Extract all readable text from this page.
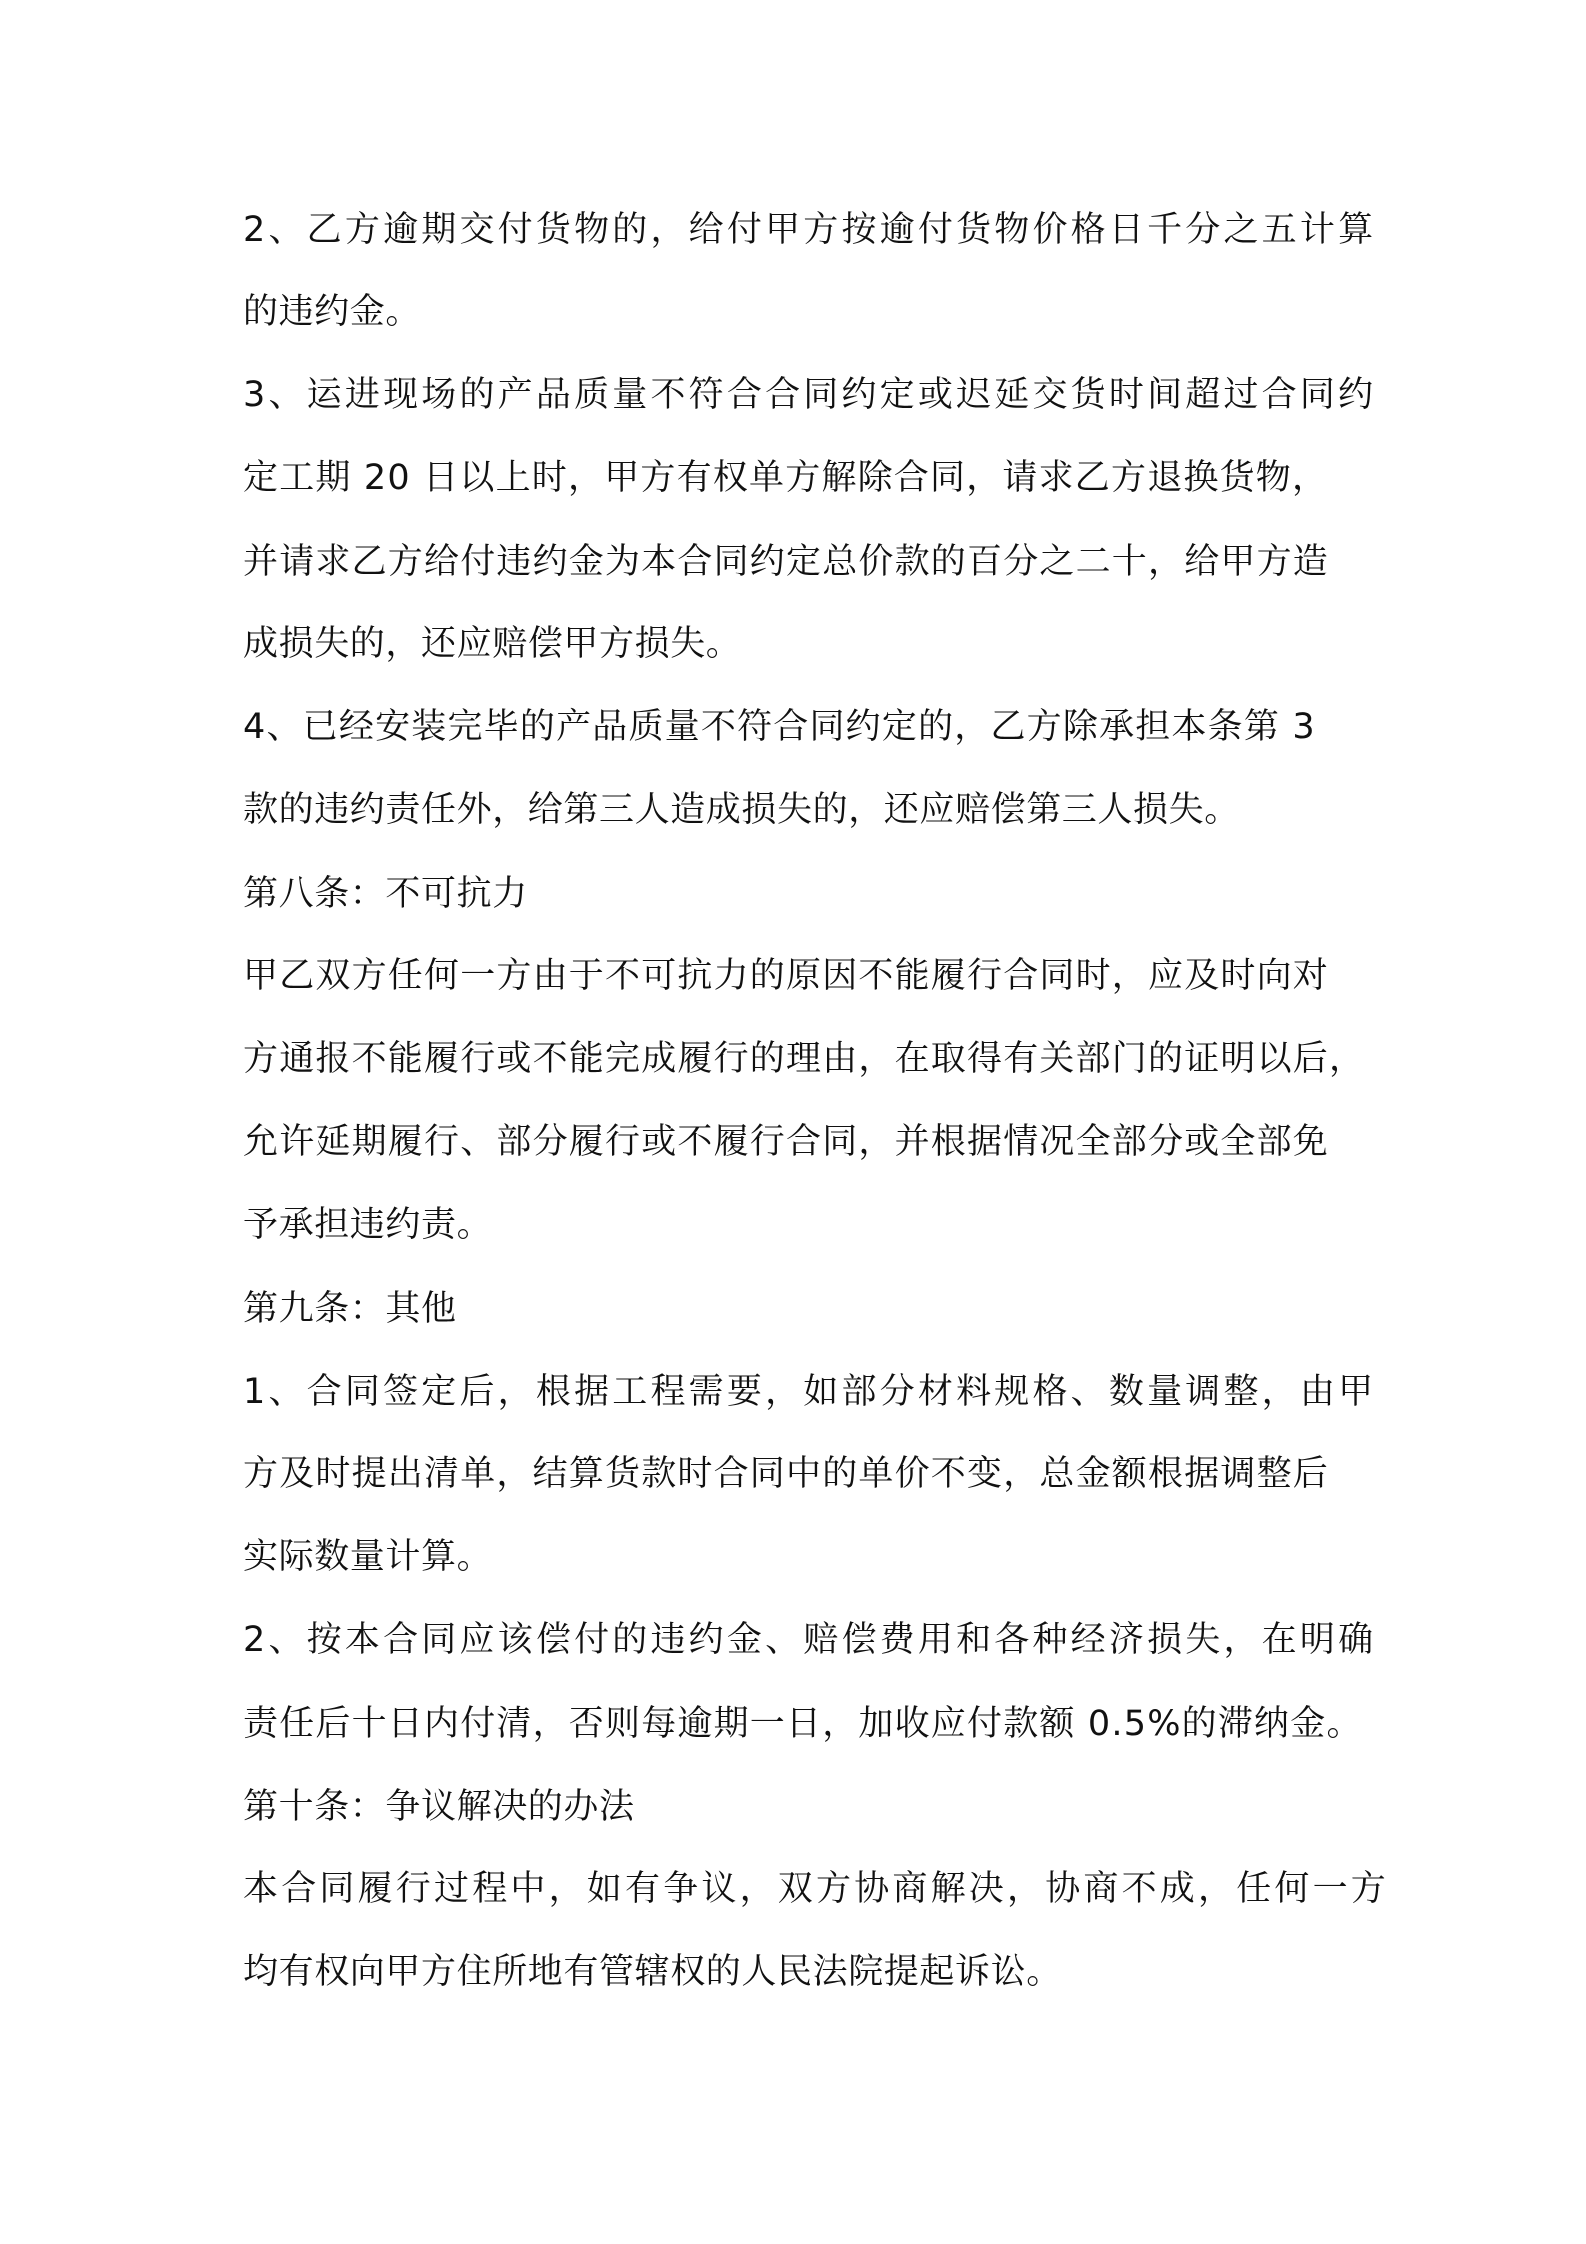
2、乙方逾期交付货物的，给付甲方按逾付货物价格日千分之五计算
的违约金。
3、运进现场的产品质量不符合合同约定或迟延交货时间超过合同约
定工期 20 日以上时，甲方有权单方解除合同，请求乙方退换货物，
并请求乙方给付违约金为本合同约定总价款的百分之二十，给甲方造
成损失的，还应赔偿甲方损失。
4、已经安装完毕的产品质量不符合同约定的，乙方除承担本条第 3
款的违约责任外，给第三人造成损失的，还应赔偿第三人损失。
第八条：不可抗力
甲乙双方任何一方由于不可抗力的原因不能履行合同时，应及时向对
方通报不能履行或不能完成履行的理由，在取得有关部门的证明以后，
允许延期履行、部分履行或不履行合同，并根据情况全部分或全部免
予承担违约责。
第九条：其他
1、合同签定后，根据工程需要，如部分材料规格、数量调整，由甲
方及时提出清单，结算货款时合同中的单价不变，总金额根据调整后
实际数量计算。
2、按本合同应该偿付的违约金、赔偿费用和各种经济损失，在明确
责任后十日内付清，否则每逾期一日，加收应付款额 0.5%的滞纳金。
第十条：争议解决的办法
本合同履行过程中，如有争议，双方协商解决，协商不成，任何一方
均有权向甲方住所地有管辖权的人民法院提起诉讼。
